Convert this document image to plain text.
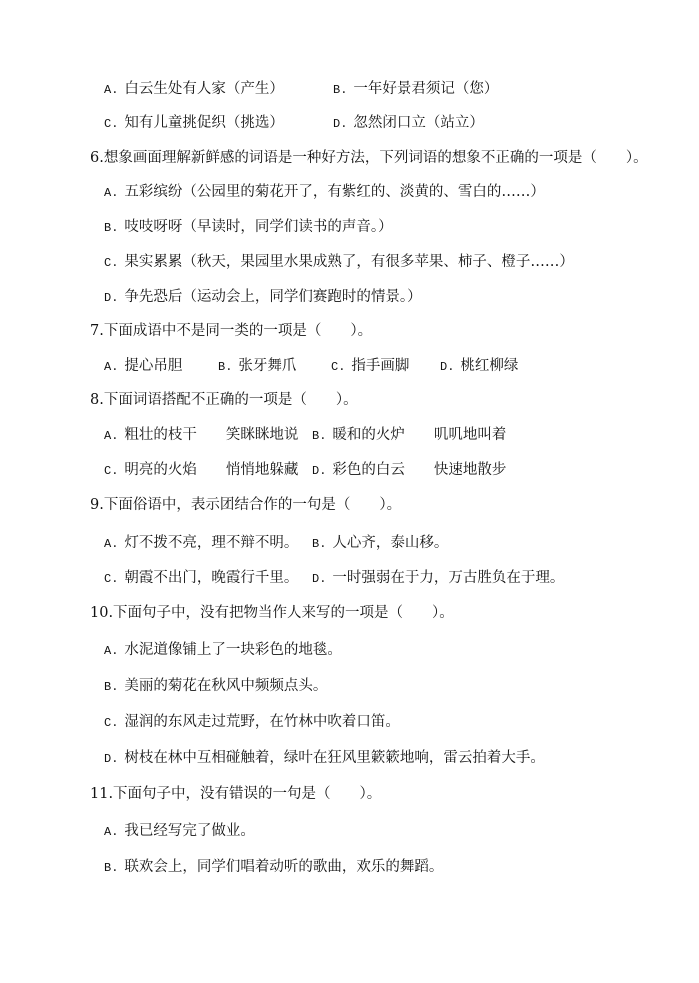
A. 白云生处有人家（产生）	B. 一年好景君须记（您）
C. 知有儿童挑促织（挑选）	D. 忽然闭口立（站立）
6.想象画面理解新鲜感的词语是一种好方法，下列词语的想象不正确的一项是（　　）。
A. 五彩缤纷（公园里的菊花开了，有紫红的、淡黄的、雪白的……）
B. 吱吱呀呀（早读时，同学们读书的声音。）
C. 果实累累（秋天，果园里水果成熟了，有很多苹果、柿子、橙子……）
D. 争先恐后（运动会上，同学们赛跑时的情景。）
7.下面成语中不是同一类的一项是（　　）。
A. 提心吊胆	B. 张牙舞爪	C. 指手画脚	D. 桃红柳绿
8.下面词语搭配不正确的一项是（　　）。
A. 粗壮的枝干　　笑眯眯地说 B. 暖和的火炉　　叽叽地叫着
C. 明亮的火焰　　悄悄地躲藏 D. 彩色的白云　　快速地散步
9.下面俗语中，表示团结合作的一句是（　　）。
A. 灯不拨不亮，理不辩不明。 B. 人心齐，泰山移。
C. 朝霞不出门，晚霞行千里。 D. 一时强弱在于力，万古胜负在于理。
10.下面句子中，没有把物当作人来写的一项是（　　）。
A. 水泥道像铺上了一块彩色的地毯。
B. 美丽的菊花在秋风中频频点头。
C. 湿润的东风走过荒野，在竹林中吹着口笛。
D. 树枝在林中互相碰触着，绿叶在狂风里簌簌地响，雷云拍着大手。
11.下面句子中，没有错误的一句是（　　）。
A. 我已经写完了做业。
B. 联欢会上，同学们唱着动听的歌曲，欢乐的舞蹈。
